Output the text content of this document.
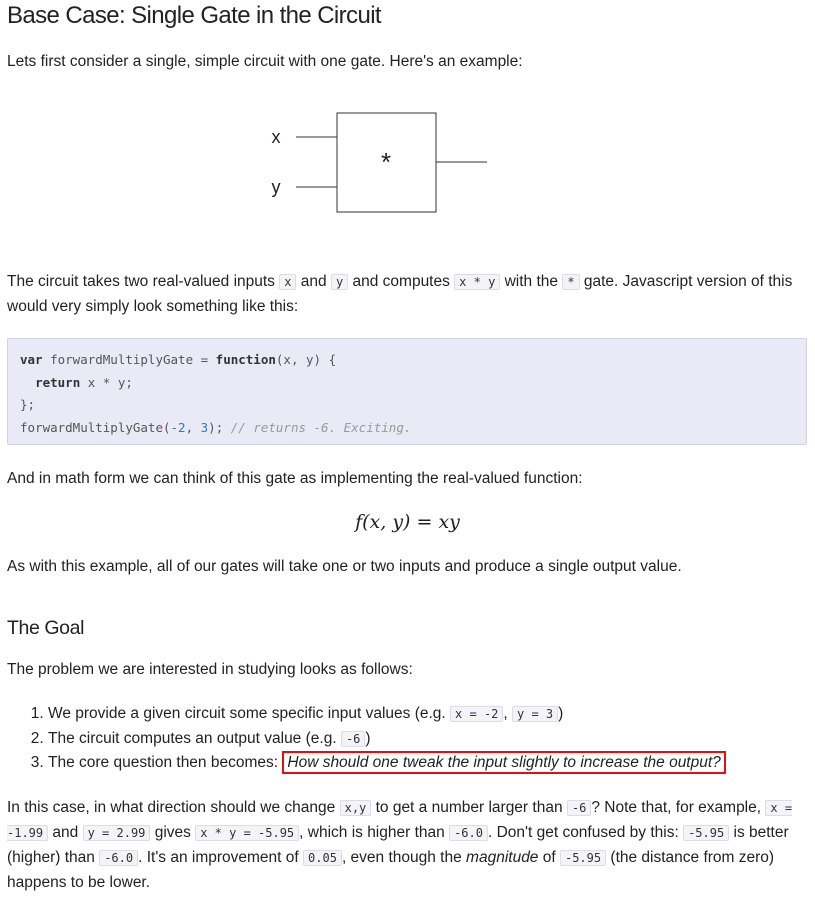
Base Case: Single Gate in the Circuit

Lets first consider a single, simple circuit with one gate. Here's an example:

x
y
*

The circuit takes two real-valued inputs x and y and computes x * y with the * gate. Javascript version of this would very simply look something like this:

var forwardMultiplyGate = function(x, y) {
return x * y;
};
forwardMultiplyGate(-2, 3); // returns -6. Exciting.

And in math form we can think of this gate as implementing the real-valued function:

f(x, y) = xy

As with this example, all of our gates will take one or two inputs and produce a single output value.

The Goal

The problem we are interested in studying looks as follows:

1. We provide a given circuit some specific input values (e.g. x = -2 , y = 3 )
2. The circuit computes an output value (e.g. -6 )
3. The core question then becomes: How should one tweak the input slightly to increase the output?

In this case, in what direction should we change x,y to get a number larger than -6 ? Note that, for example, x = -1.99 and y = 2.99 gives x * y = -5.95 , which is higher than -6.0 . Don't get confused by this: -5.95 is better (higher) than -6.0 . It's an improvement of 0.05 , even though the magnitude of -5.95 (the distance from zero) happens to be lower.
